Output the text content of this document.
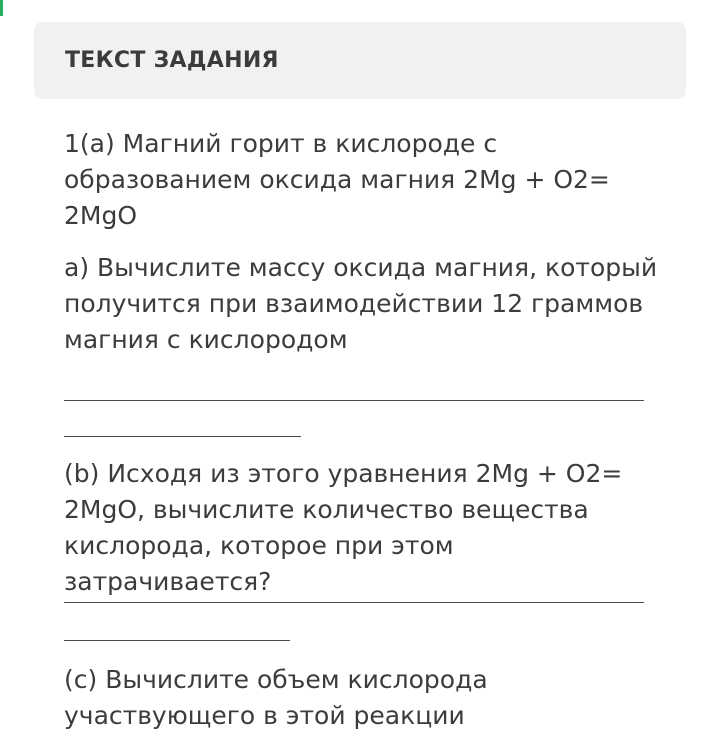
ТЕКСТ ЗАДАНИЯ

1(а) Магний горит в кислороде с
образованием оксида магния 2Mg + O2=
2MgO

а) Вычислите массу оксида магния, который
получится при взаимодействии 12 граммов
магния с кислородом

(b) Исходя из этого уравнения 2Mg + O2=
2MgO, вычислите количество вещества
кислорода, которое при этом затрачивается?

(c) Вычислите объем кислорода
участвующего в этой реакции
